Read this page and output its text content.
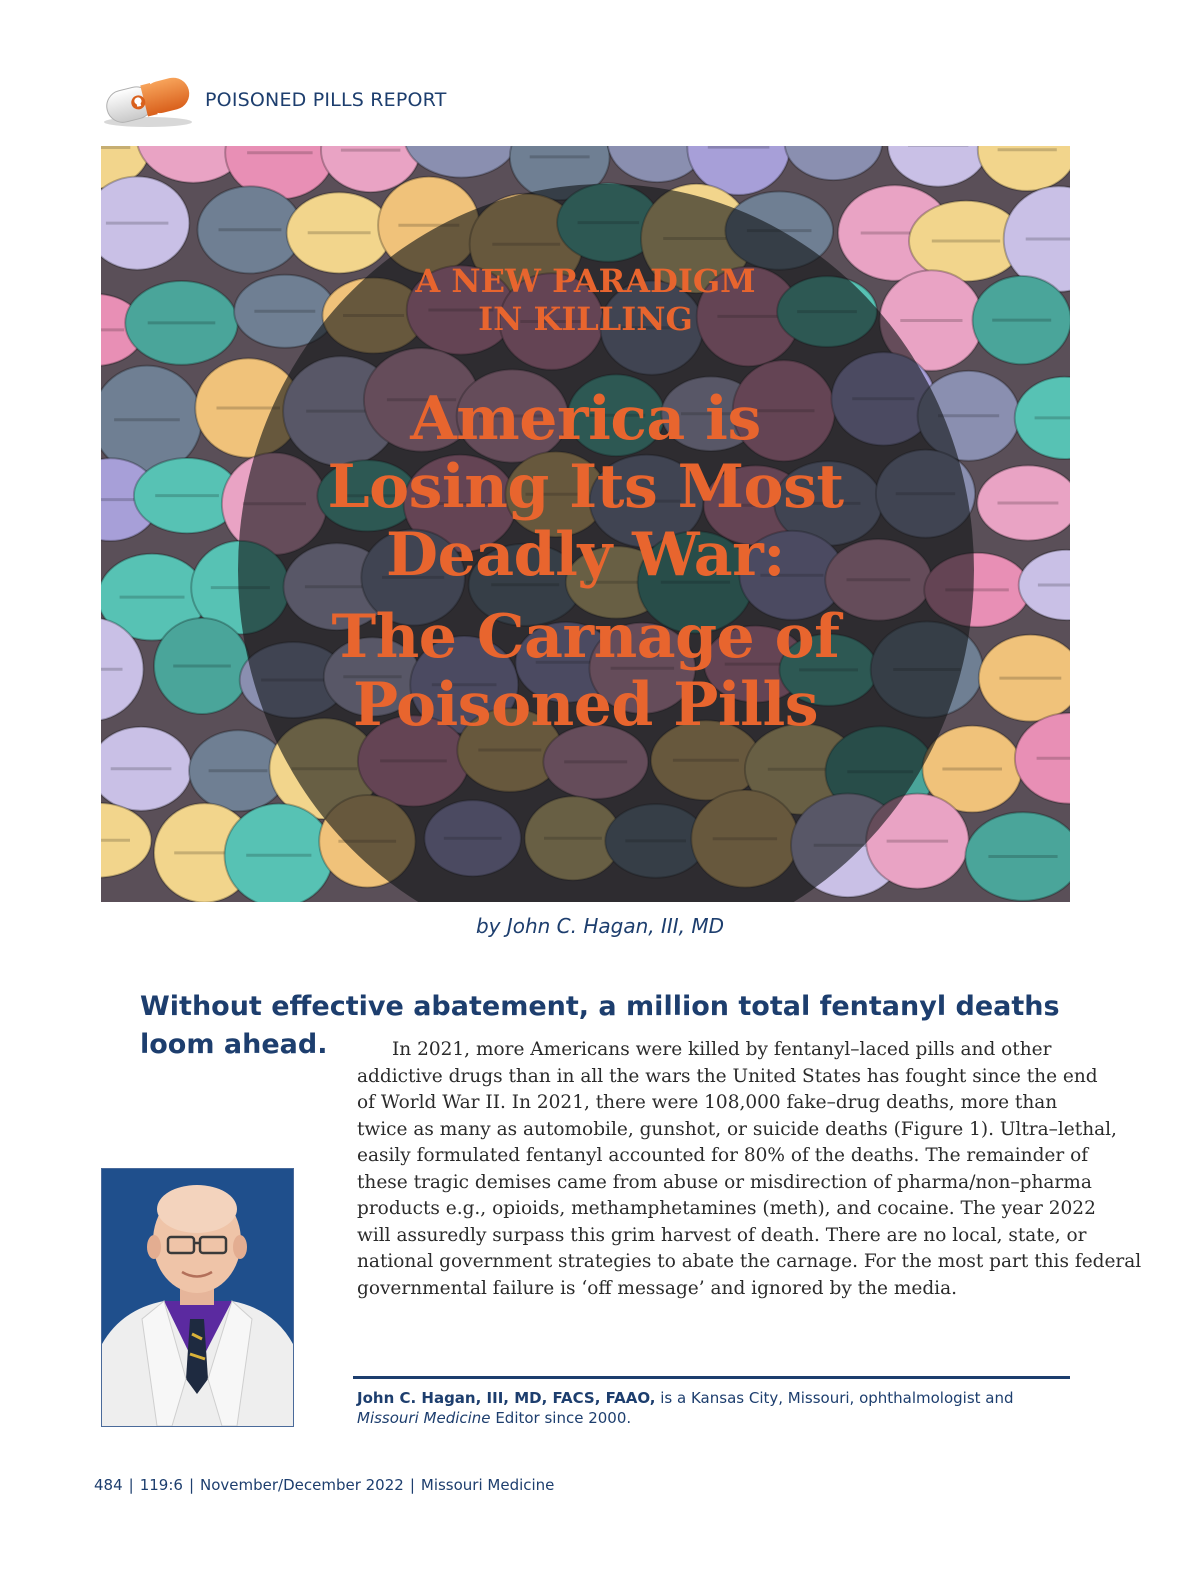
POISONED PILLS REPORT
A NEW PARADIGM
IN KILLING
America is
Losing Its Most
Deadly War:
The Carnage of
Poisoned Pills
by John C. Hagan, III, MD
Without effective abatement, a million total fentanyl deaths loom ahead.	In 2021, more Americans were killed by fentanyl–laced pills and other
addictive drugs than in all the wars the United States has fought since the end
of World War II. In 2021, there were 108,000 fake–drug deaths, more than
twice as many as automobile, gunshot, or suicide deaths (Figure 1). Ultra–lethal,
easily formulated fentanyl accounted for 80% of the deaths. The remainder of
these tragic demises came from abuse or misdirection of pharma/non–pharma
products e.g., opioids, methamphetamines (meth), and cocaine. The year 2022
will assuredly surpass this grim harvest of death. There are no local, state, or
national government strategies to abate the carnage. For the most part this federal
governmental failure is ‘off message’ and ignored by the media.
John C. Hagan, III, MD, FACS, FAAO, is a Kansas City, Missouri, ophthalmologist and Missouri Medicine Editor since 2000.
484 | 119:6 | November/December 2022 | Missouri Medicine
